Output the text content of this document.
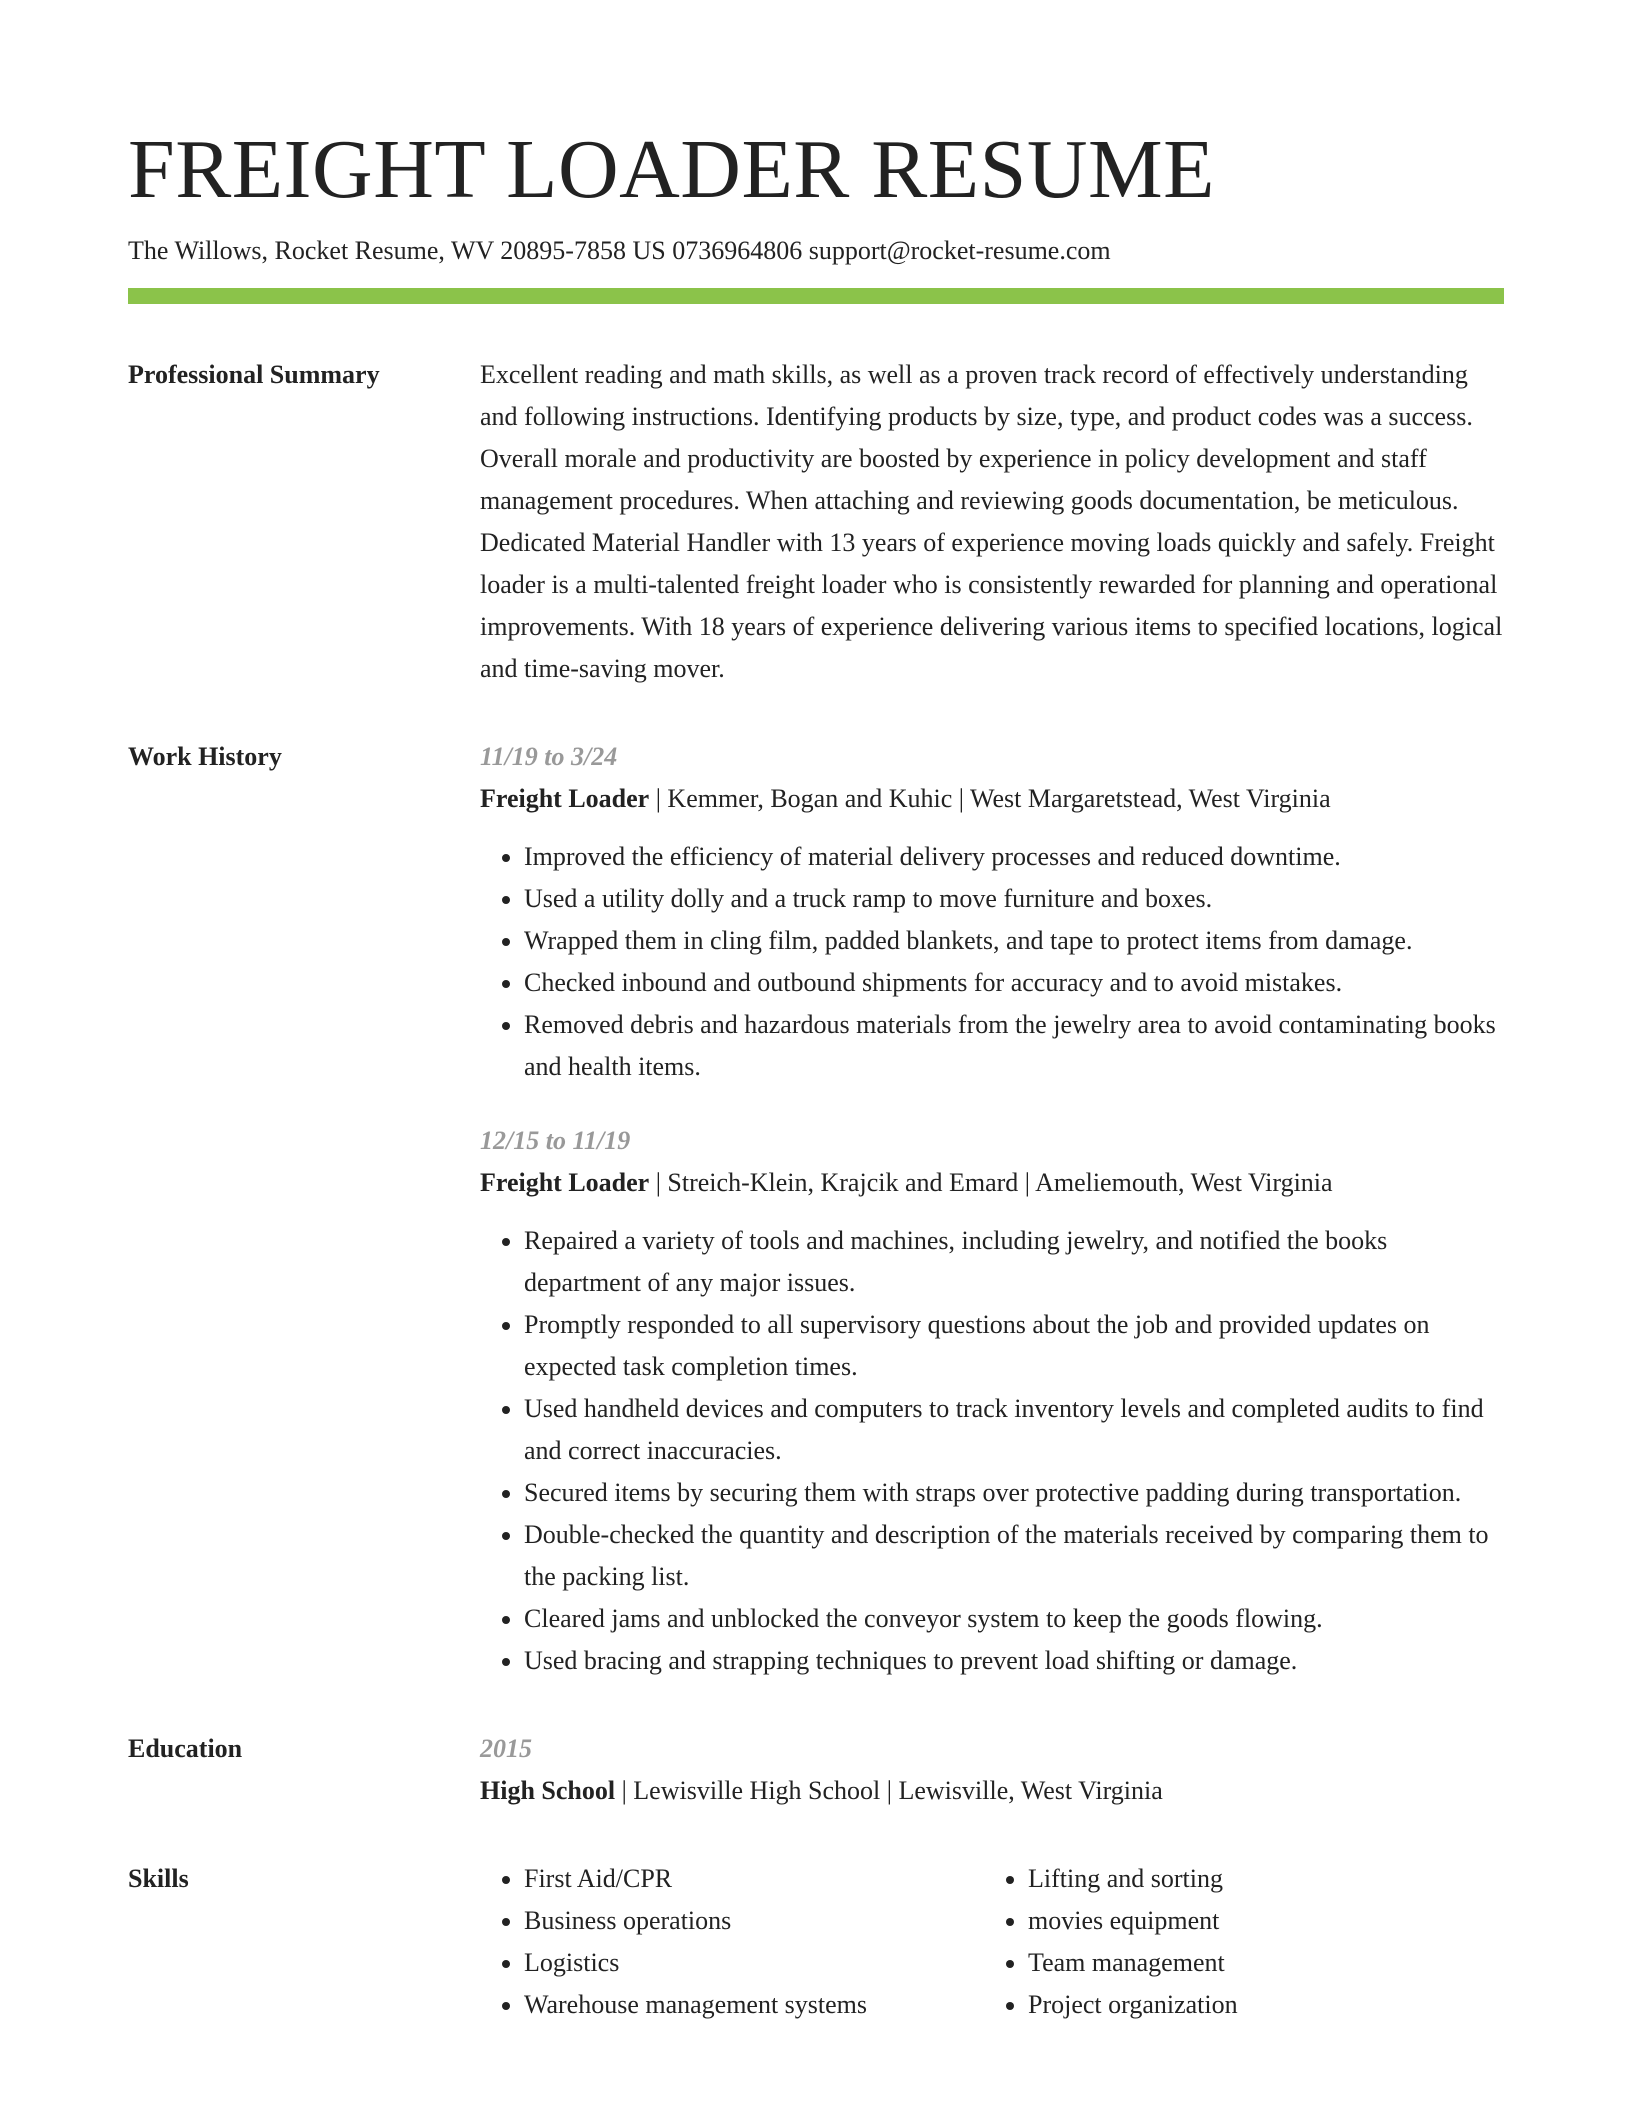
FREIGHT LOADER RESUME
The Willows, Rocket Resume, WV 20895-7858 US 0736964806 support@rocket-resume.com
Professional Summary	Excellent reading and math skills, as well as a proven track record of effectively understanding and following instructions. Identifying products by size, type, and product codes was a success. Overall morale and productivity are boosted by experience in policy development and staff management procedures. When attaching and reviewing goods documentation, be meticulous. Dedicated Material Handler with 13 years of experience moving loads quickly and safely. Freight loader is a multi-talented freight loader who is consistently rewarded for planning and operational improvements. With 18 years of experience delivering various items to specified locations, logical and time-saving mover.

Work History	11/19 to 3/24
Freight Loader | Kemmer, Bogan and Kuhic | West Margaretstead, West Virginia
• Improved the efficiency of material delivery processes and reduced downtime.
• Used a utility dolly and a truck ramp to move furniture and boxes.
• Wrapped them in cling film, padded blankets, and tape to protect items from damage.
• Checked inbound and outbound shipments for accuracy and to avoid mistakes.
• Removed debris and hazardous materials from the jewelry area to avoid contaminating books and health items.
12/15 to 11/19
Freight Loader | Streich-Klein, Krajcik and Emard | Ameliemouth, West Virginia
• Repaired a variety of tools and machines, including jewelry, and notified the books department of any major issues.
• Promptly responded to all supervisory questions about the job and provided updates on expected task completion times.
• Used handheld devices and computers to track inventory levels and completed audits to find and correct inaccuracies.
• Secured items by securing them with straps over protective padding during transportation.
• Double-checked the quantity and description of the materials received by comparing them to the packing list.
• Cleared jams and unblocked the conveyor system to keep the goods flowing.
• Used bracing and strapping techniques to prevent load shifting or damage.
Education	2015
High School | Lewisville High School | Lewisville, West Virginia
Skills
•	First Aid/CPR
• Business operations
• Logistics
• Warehouse management systems
• Lifting and sorting
• movies equipment
• Team management
• Project organization
